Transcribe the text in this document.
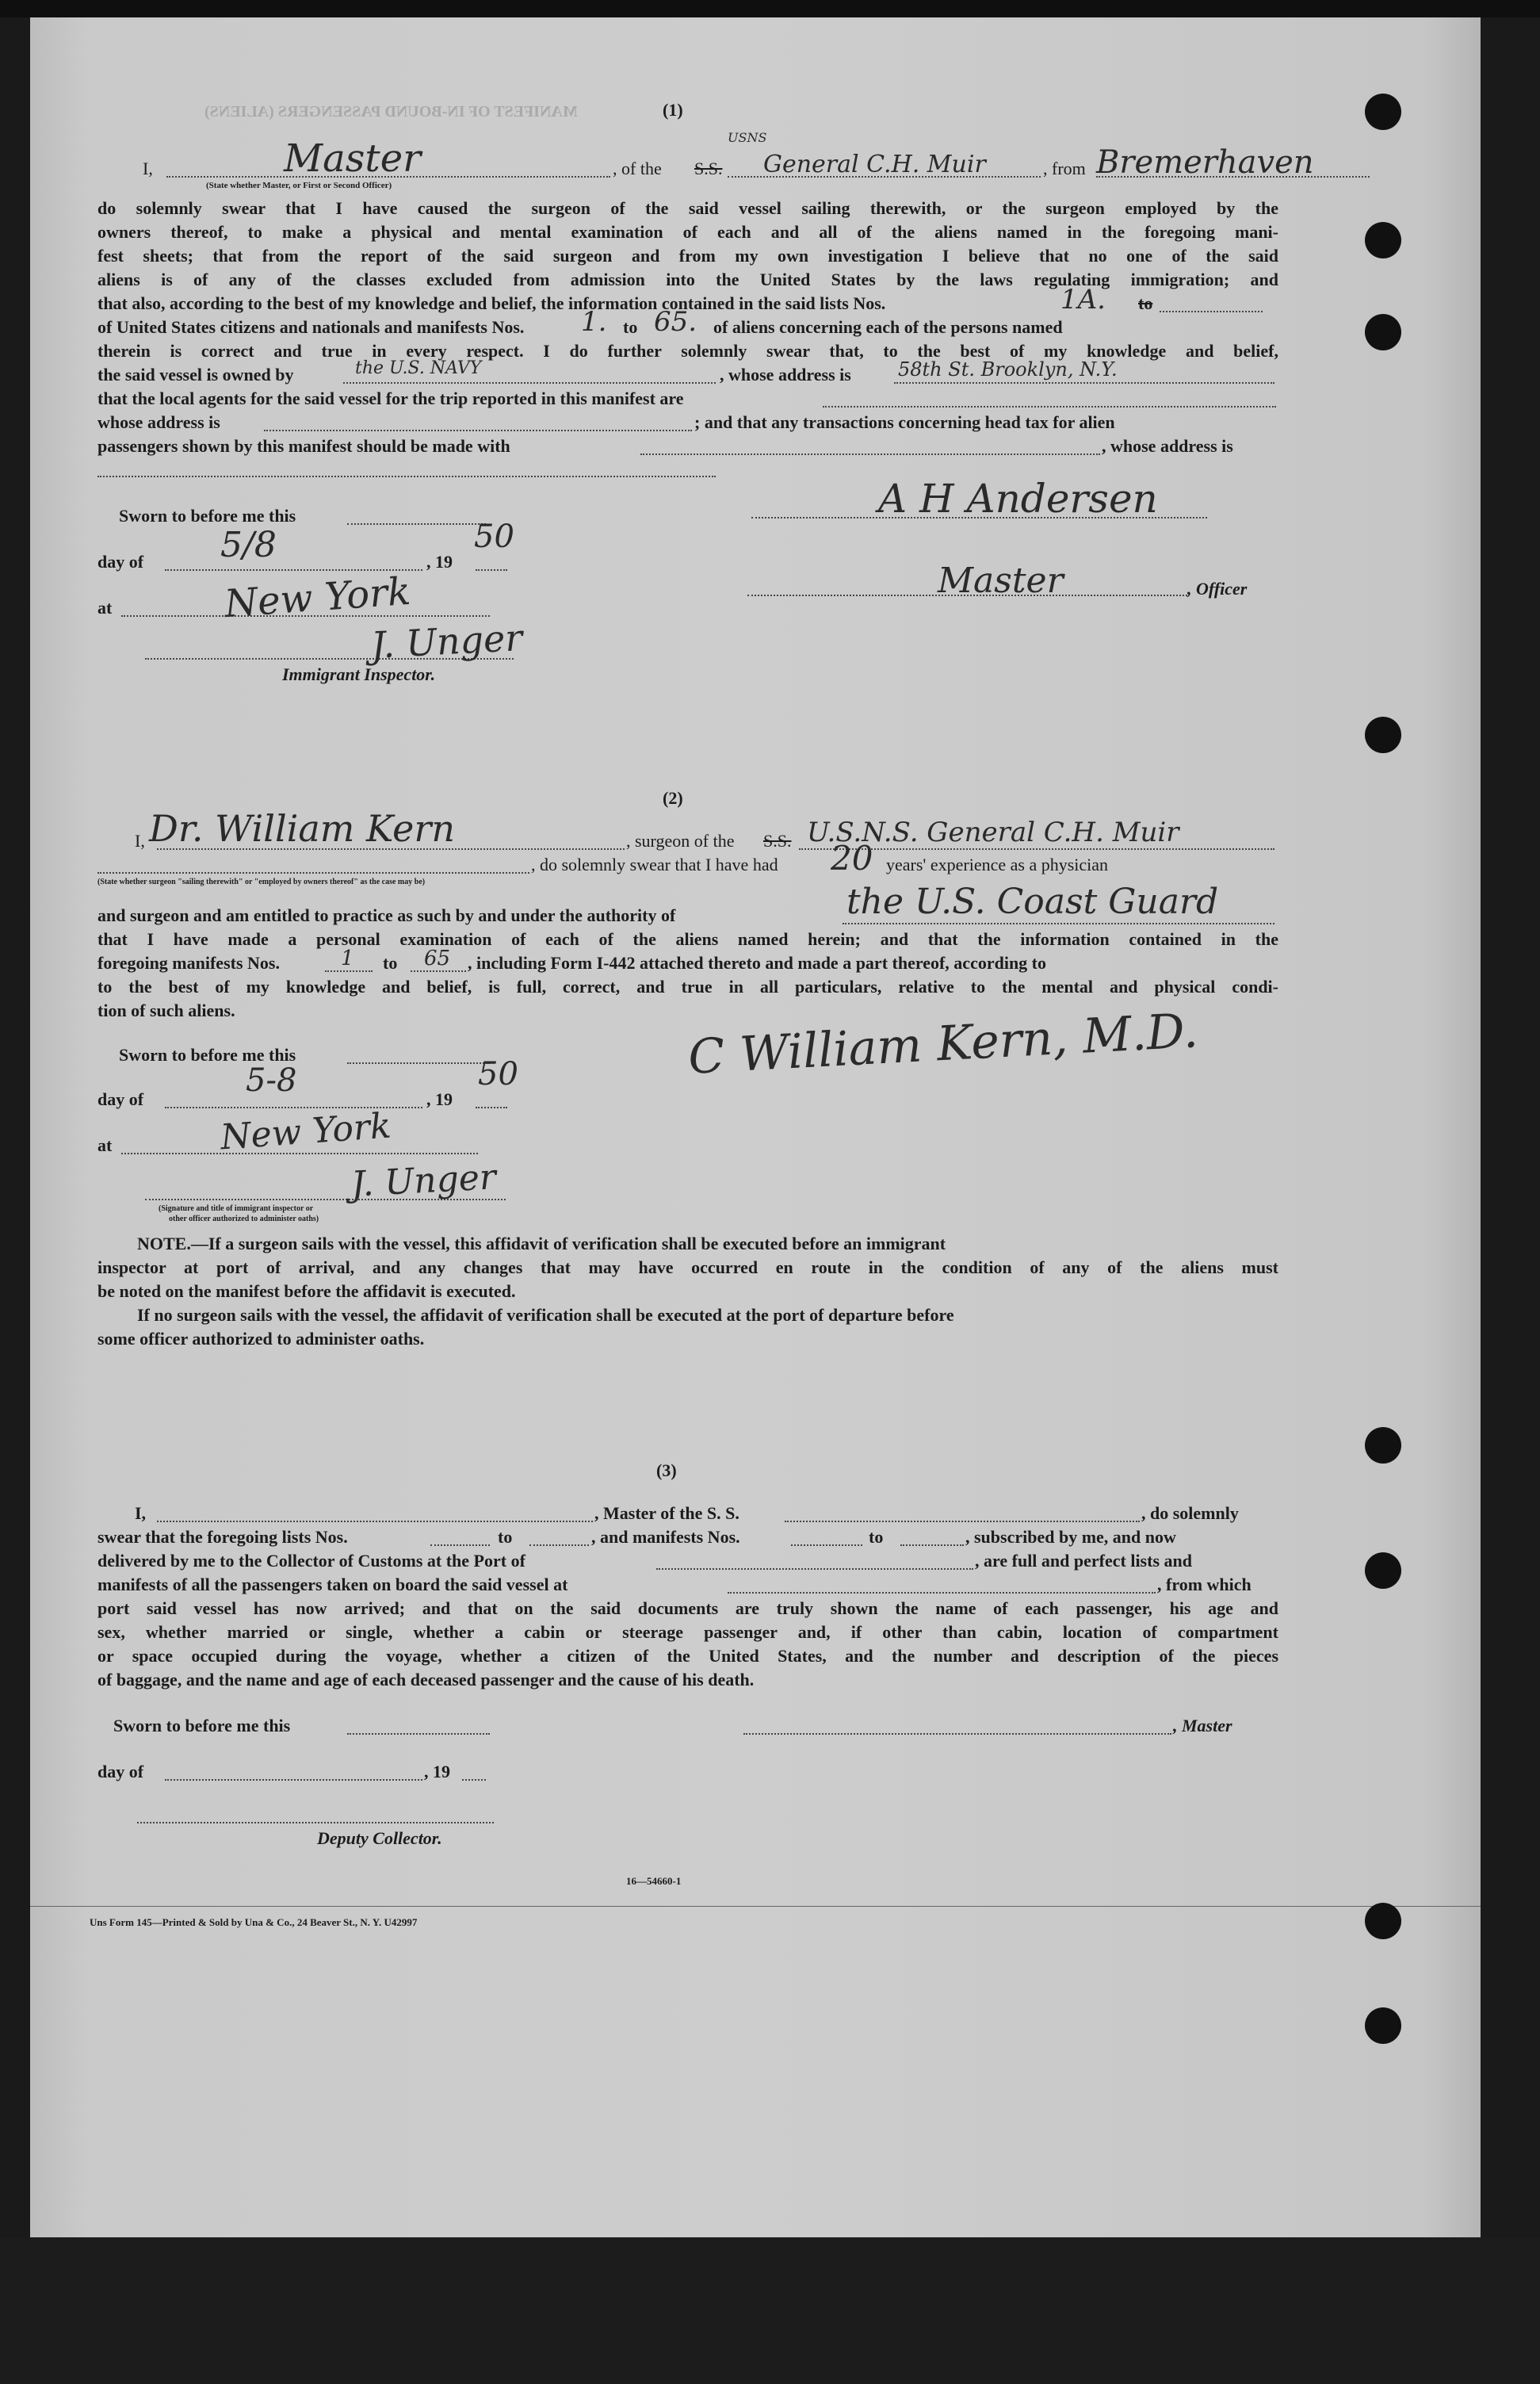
MANIFEST OF IN-BOUND PASSENGERS (ALIENS)	(1)
I,	Master	, of the S.S.
USNS
General C.H. Muir	, from Bremerhaven
(State whether Master, or First or Second Officer)
do solemnly swear that I have caused the surgeon of the said vessel sailing therewith, or the surgeon employed by the
owners thereof, to make a physical and mental examination of each and all of the aliens named in the foregoing mani-
fest sheets; that from the report of the said surgeon and from my own investigation I believe that no one of the said
aliens is of any of the classes excluded from admission into the United States by the laws regulating immigration; and
that also, according to the best of my knowledge and belief, the information contained in the said lists Nos.	1A. to
of United States citizens and nationals and manifests Nos. 1. to 65. of aliens concerning each of the persons named
therein is correct and true in every respect. I do further solemnly swear that, to the best of my knowledge and belief,
the said vessel is owned by	the U.S. NAVY	, whose address is 58th St. Brooklyn, N.Y.
that the local agents for the said vessel for the trip reported in this manifest are
whose address is	; and that any transactions concerning head tax for alien
passengers shown by this manifest should be made with	, whose address is
Sworn to before me this
day of 5/8	, 19
50
at	New York
J. Unger
Immigrant Inspector.
A H Andersen
Master	, Officer
(2)
I, Dr. William Kern	, surgeon of the S.S. U.S.N.S. General C.H. Muir
, do solemnly swear that I have had 20 years' experience as a physician
(State whether surgeon "sailing therewith" or "employed by owners thereof" as the case may be)
and surgeon and am entitled to practice as such by and under the authority of	the U.S. Coast Guard
that I have made a personal examination of each of the aliens named herein; and that the information contained in the
foregoing manifests Nos.	1 to 65 , including Form I-442 attached thereto and made a part thereof, according to
to the best of my knowledge and belief, is full, correct, and true in all particulars, relative to the mental and physical condi-
tion of such aliens.
Sworn to before me this
day of
5-8
, 19
50
at	New York
J. Unger
(Signature and title of immigrant inspector or
other officer authorized to administer oaths)
C William Kern, M.D.
NOTE.—If a surgeon sails with the vessel, this affidavit of verification shall be executed before an immigrant
inspector at port of arrival, and any changes that may have occurred en route in the condition of any of the aliens must
be noted on the manifest before the affidavit is executed.
If no surgeon sails with the vessel, the affidavit of verification shall be executed at the port of departure before
some officer authorized to administer oaths.
(3)
I,	, Master of the S. S.	, do solemnly
swear that the foregoing lists Nos.	to	, and manifests Nos.	to	, subscribed by me, and now
delivered by me to the Collector of Customs at the Port of	, are full and perfect lists and
manifests of all the passengers taken on board the said vessel at	, from which
port said vessel has now arrived; and that on the said documents are truly shown the name of each passenger, his age and
sex, whether married or single, whether a cabin or steerage passenger and, if other than cabin, location of compartment
or space occupied during the voyage, whether a citizen of the United States, and the number and description of the pieces
of baggage, and the name and age of each deceased passenger and the cause of his death.
Sworn to before me this	, Master
day of	, 19
Deputy Collector.
16—54660-1
Uns Form 145—Printed & Sold by Una & Co., 24 Beaver St., N. Y. U42997
